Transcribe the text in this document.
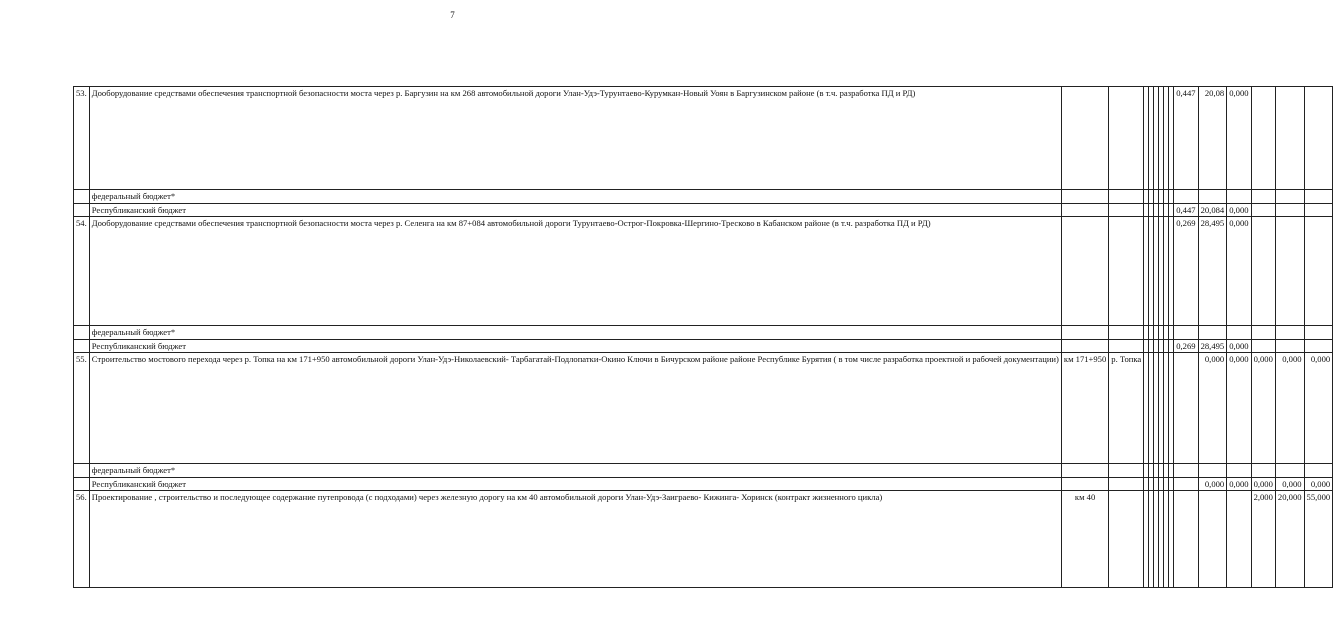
7
53.	Дооборудование средствами обеспечения транспортной безопасности моста через р. Баргузин на км 268 автомобильной дороги Улан-Удэ-Турунтаево-Курумкан-Новый Уоян в Баргузинском районе (в т.ч. разработка ПД и РД)									0,447	20,08	0,000			
	федеральный бюджет*														
	Республиканский бюджет									0,447	20,084	0,000			
54.	Дооборудование средствами обеспечения транспортной безопасности моста через р. Селенга на км 87+084 автомобильной дороги Турунтаево-Острог-Покровка-Шергино-Тресково в Кабанском районе (в т.ч. разработка ПД и РД)									0,269	28,495	0,000			
	федеральный бюджет*														
	Республиканский бюджет									0,269	28,495	0,000			
55.	Строительство мостового перехода через р. Топка на км 171+950 автомобильной дороги Улан-Удэ-Николаевский- Тарбагатай-Подлопатки-Окино Ключи в Бичурском районе районе Республике Бурятия ( в том числе разработка проектной и рабочей документации)	км 171+950	р. Топка								0,000	0,000	0,000	0,000	0,000
	федеральный бюджет*														
	Республиканский бюджет										0,000	0,000	0,000	0,000	0,000
56.	Проектирование , строительство и последующее содержание путепровода (с подходами) через железную дорогу на км 40 автомобильной дороги Улан-Удэ-Заиграево- Кижинга- Хоринск (контракт жизненного цикла)	км 40											2,000	20,000	55,000
